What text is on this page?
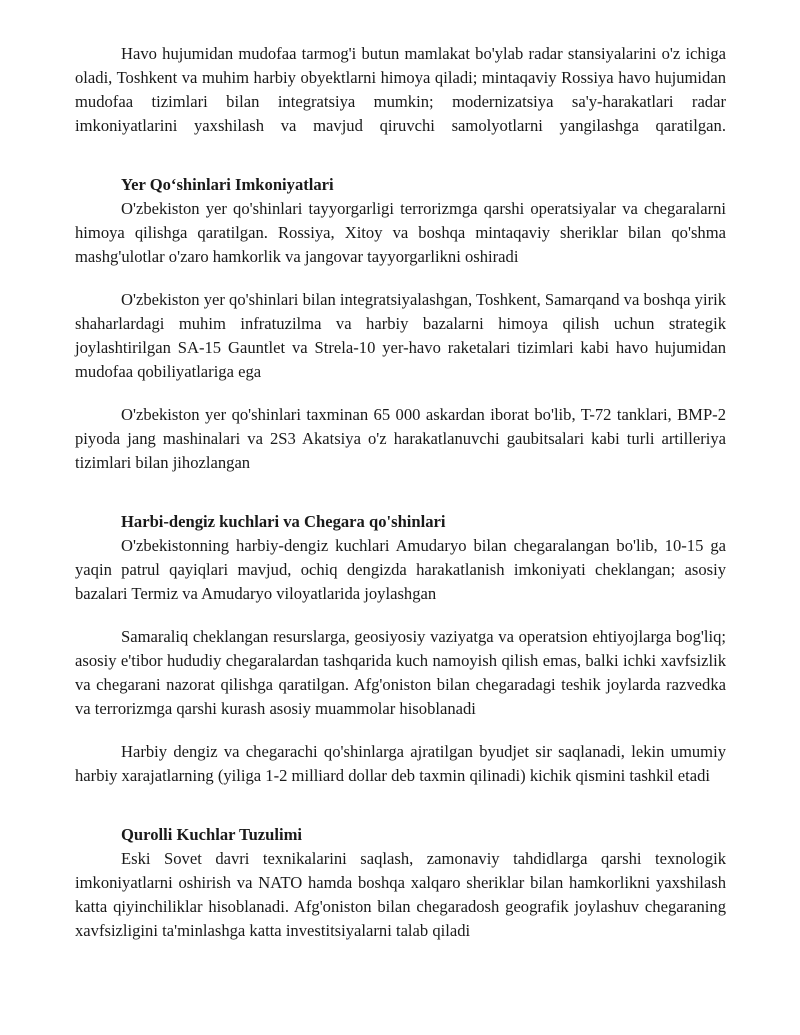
Havo hujumidan mudofaa tarmog'i butun mamlakat bo'ylab radar stansiyalarini o'z ichiga oladi, Toshkent va muhim harbiy obyektlarni himoya qiladi; mintaqaviy Rossiya havo hujumidan mudofaa tizimlari bilan integratsiya mumkin; modernizatsiya sa'y-harakatlari radar imkoniyatlarini yaxshilash va mavjud qiruvchi samolyotlarni yangilashga qaratilgan.

Yer Qo‘shinlari Imkoniyatlari

O'zbekiston yer qo'shinlari tayyorgarligi terrorizmga qarshi operatsiyalar va chegaralarni himoya qilishga qaratilgan. Rossiya, Xitoy va boshqa mintaqaviy sheriklar bilan qo'shma mashg'ulotlar o'zaro hamkorlik va jangovar tayyorgarlikni oshiradi

O'zbekiston yer qo'shinlari bilan integratsiyalashgan, Toshkent, Samarqand va boshqa yirik shaharlardagi muhim infratuzilma va harbiy bazalarni himoya qilish uchun strategik joylashtirilgan SA-15 Gauntlet va Strela-10 yer-havo raketalari tizimlari kabi havo hujumidan mudofaa qobiliyatlariga ega

O'zbekiston yer qo'shinlari taxminan 65 000 askardan iborat bo'lib, T-72 tanklari, BMP-2 piyoda jang mashinalari va 2S3 Akatsiya o'z harakatlanuvchi gaubitsalari kabi turli artilleriya tizimlari bilan jihozlangan

Harbi-dengiz kuchlari va Chegara qo'shinlari

O'zbekistonning harbiy-dengiz kuchlari Amudaryo bilan chegaralangan bo'lib, 10-15 ga yaqin patrul qayiqlari mavjud, ochiq dengizda harakatlanish imkoniyati cheklangan; asosiy bazalari Termiz va Amudaryo viloyatlarida joylashgan

Samaraliq cheklangan resurslarga, geosiyosiy vaziyatga va operatsion ehtiyojlarga bog'liq; asosiy e'tibor hududiy chegaralardan tashqarida kuch namoyish qilish emas, balki ichki xavfsizlik va chegarani nazorat qilishga qaratilgan. Afg'oniston bilan chegaradagi teshik joylarda razvedka va terrorizmga qarshi kurash asosiy muammolar hisoblanadi

Harbiy dengiz va chegarachi qo'shinlarga ajratilgan byudjet sir saqlanadi, lekin umumiy harbiy xarajatlarning (yiliga 1-2 milliard dollar deb taxmin qilinadi) kichik qismini tashkil etadi

Qurolli Kuchlar Tuzulimi

Eski Sovet davri texnikalarini saqlash, zamonaviy tahdidlarga qarshi texnologik imkoniyatlarni oshirish va NATO hamda boshqa xalqaro sheriklar bilan hamkorlikni yaxshilash katta qiyinchiliklar hisoblanadi. Afg'oniston bilan chegaradosh geografik joylashuv chegaraning xavfsizligini ta'minlashga katta investitsiyalarni talab qiladi
